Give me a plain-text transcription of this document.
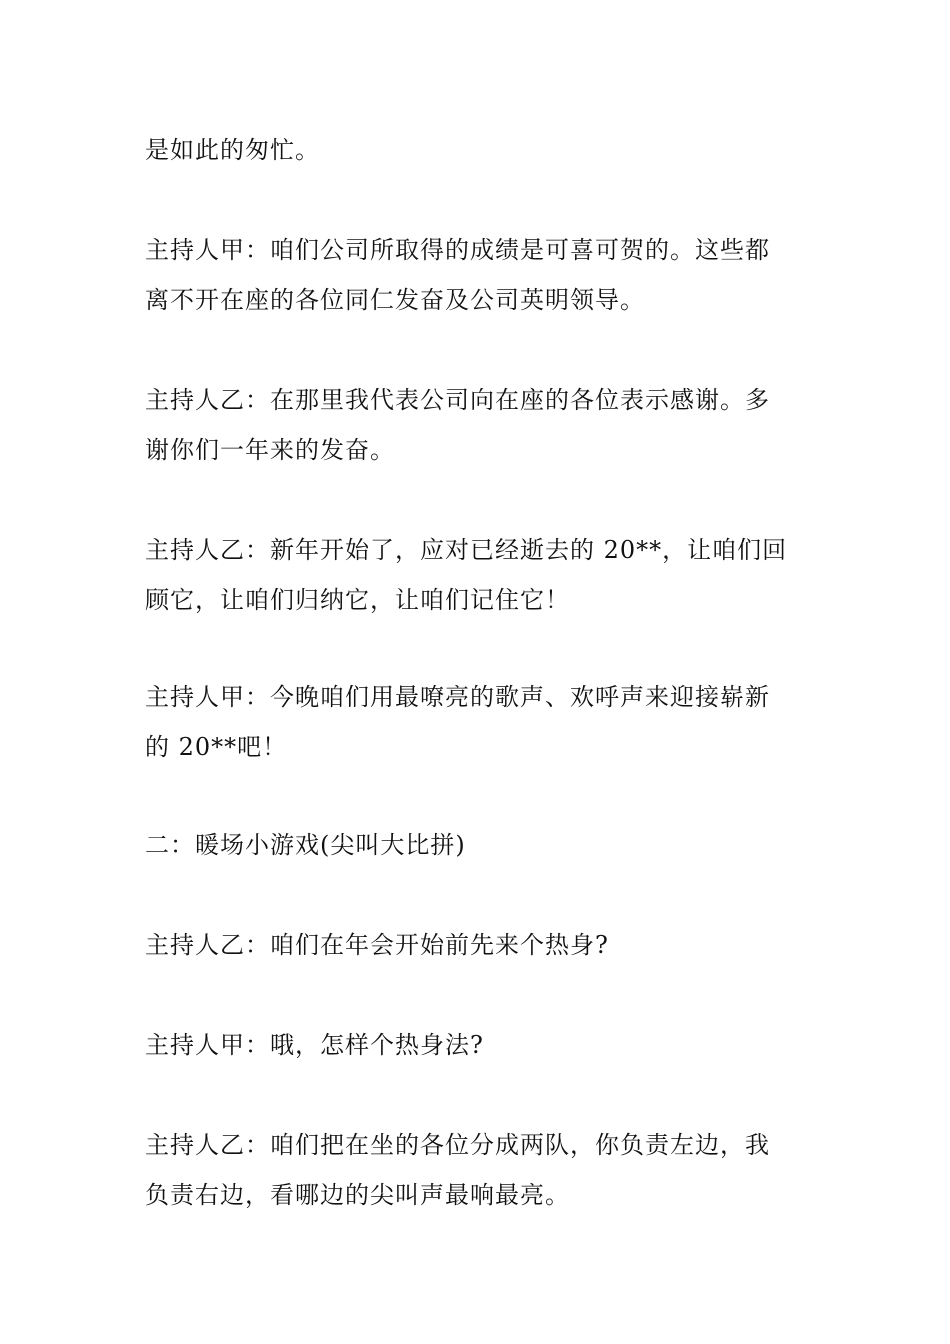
是如此的匆忙。

主持人甲：咱们公司所取得的成绩是可喜可贺的。这些都
离不开在座的各位同仁发奋及公司英明领导。

主持人乙：在那里我代表公司向在座的各位表示感谢。多
谢你们一年来的发奋。

主持人乙：新年开始了，应对已经逝去的 20**，让咱们回
顾它，让咱们归纳它，让咱们记住它！

主持人甲：今晚咱们用最嘹亮的歌声、欢呼声来迎接崭新
的 20**吧！

二：暖场小游戏(尖叫大比拼)

主持人乙：咱们在年会开始前先来个热身?

主持人甲：哦，怎样个热身法?

主持人乙：咱们把在坐的各位分成两队，你负责左边，我
负责右边，看哪边的尖叫声最响最亮。
